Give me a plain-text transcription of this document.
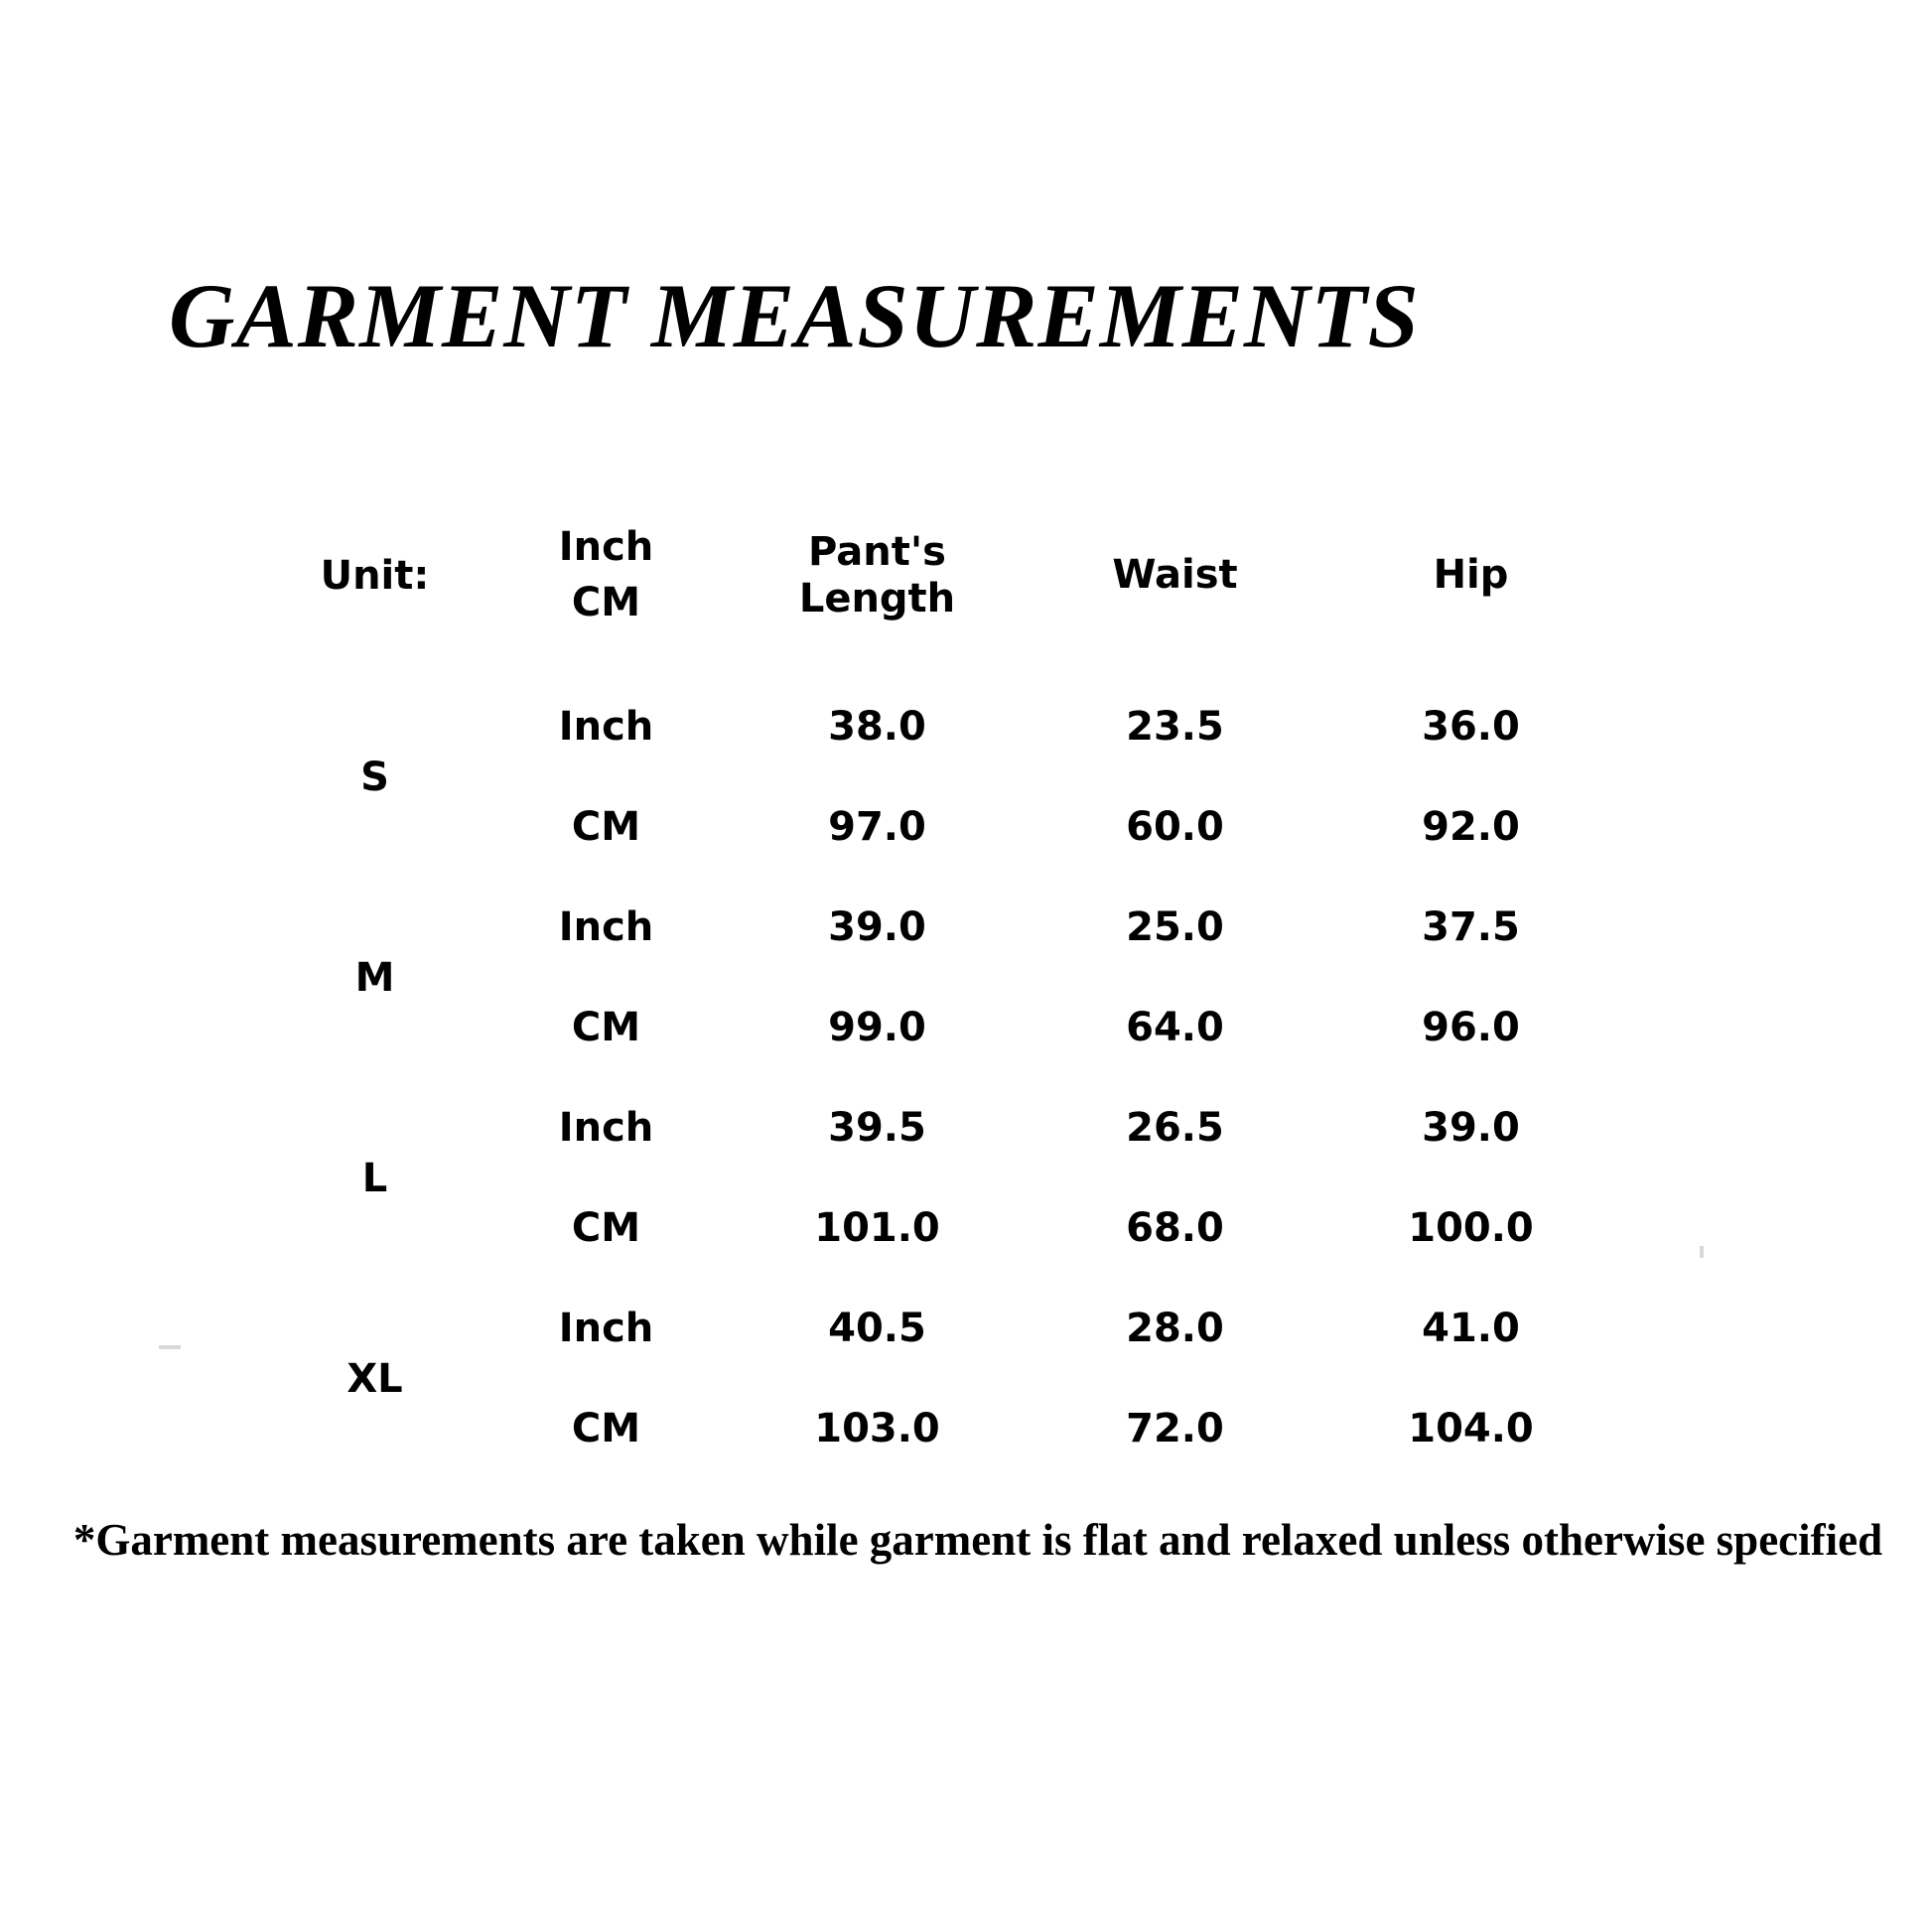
GARMENT MEASUREMENTS
Unit:	$\frac{\text{Inch}}{CM}$	Pant's Length	Waist	Hip
S	Inch	38.0	23.5	36.0
	CM	97.0	60.0	92.0
M	Inch	39.0	25.0	37.5
	CM	99.0	64.0	96.0
L	Inch	39.5	26.5	39.0
	CM	101.0	68.0	100.0
XL	Inch	40.5	28.0	41.0
	CM	103.0	72.0	104.0
*Garment measurements are taken while garment is flat and relaxed unless otherwise specified
